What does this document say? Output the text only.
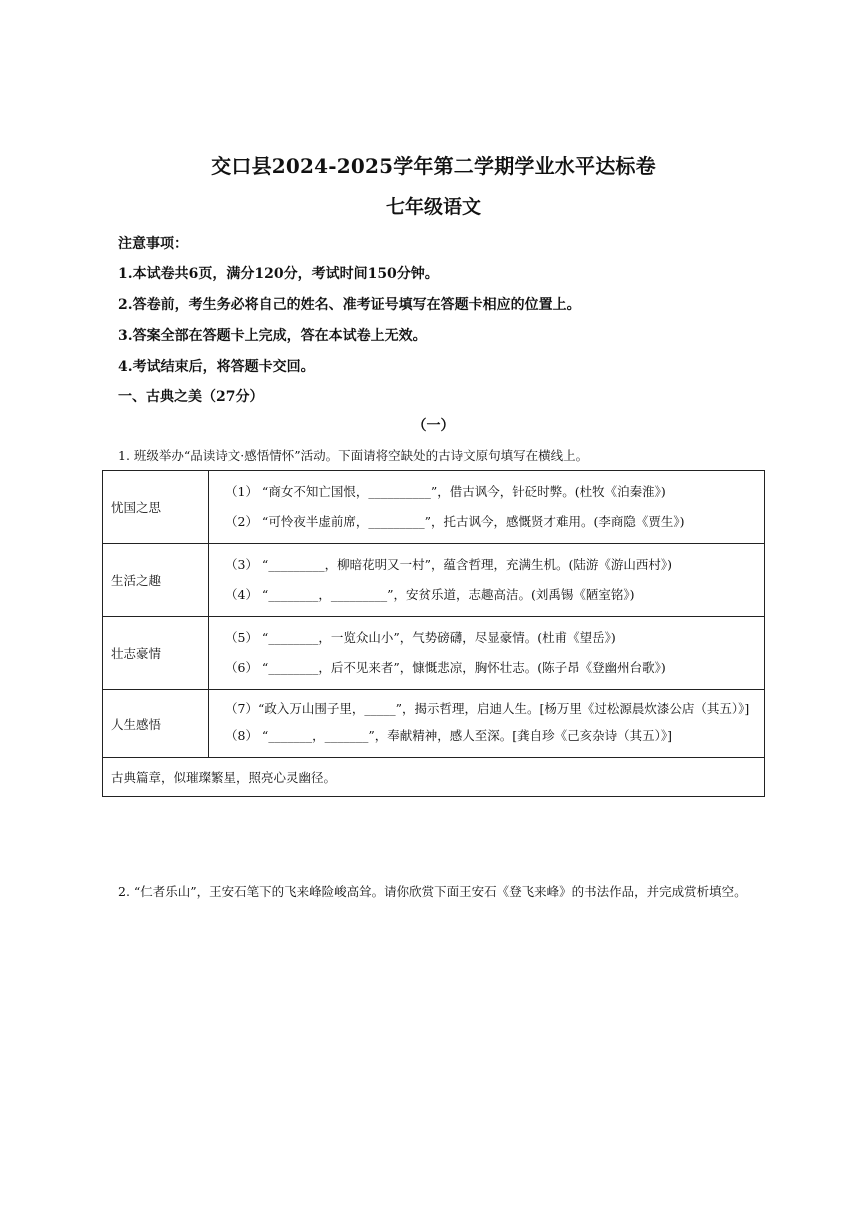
交口县2024-2025学年第二学期学业水平达标卷
七年级语文
注意事项：
1.本试卷共6页，满分120分，考试时间150分钟。
2.答卷前，考生务必将自己的姓名、准考证号填写在答题卡相应的位置上。
3.答案全部在答题卡上完成，答在本试卷上无效。
4.考试结束后，将答题卡交回。
一、古典之美（27分）
（一）
1. 班级举办“品读诗文·感悟情怀”活动。下面请将空缺处的古诗文原句填写在横线上。
忧国之思	（1） “商女不知亡国恨，__________”，借古讽今，针砭时弊。(杜牧《泊秦淮》)
（2） “可怜夜半虚前席，_________”，托古讽今，感慨贤才难用。(李商隐《贾生》)

生活之趣	（3） “_________，柳暗花明又一村”，蕴含哲理，充满生机。(陆游《游山西村》)
（4） “________，_________”，安贫乐道，志趣高洁。(刘禹锡《陋室铭》)

壮志豪情	（5） “________，一览众山小”，气势磅礴，尽显豪情。(杜甫《望岳》)
（6） “________，后不见来者”，慷慨悲凉，胸怀壮志。(陈子昂《登幽州台歌》)

人生感悟	（7）“政入万山围子里，_____”，揭示哲理，启迪人生。[杨万里《过松源晨炊漆公店（其五）》]
（8） “_______，_______”，奉献精神，感人至深。[龚自珍《己亥杂诗（其五）》]

古典篇章，似璀璨繁星，照亮心灵幽径。	
2. “仁者乐山”，王安石笔下的飞来峰险峻高耸。请你欣赏下面王安石《登飞来峰》的书法作品，并完成赏析填空。
